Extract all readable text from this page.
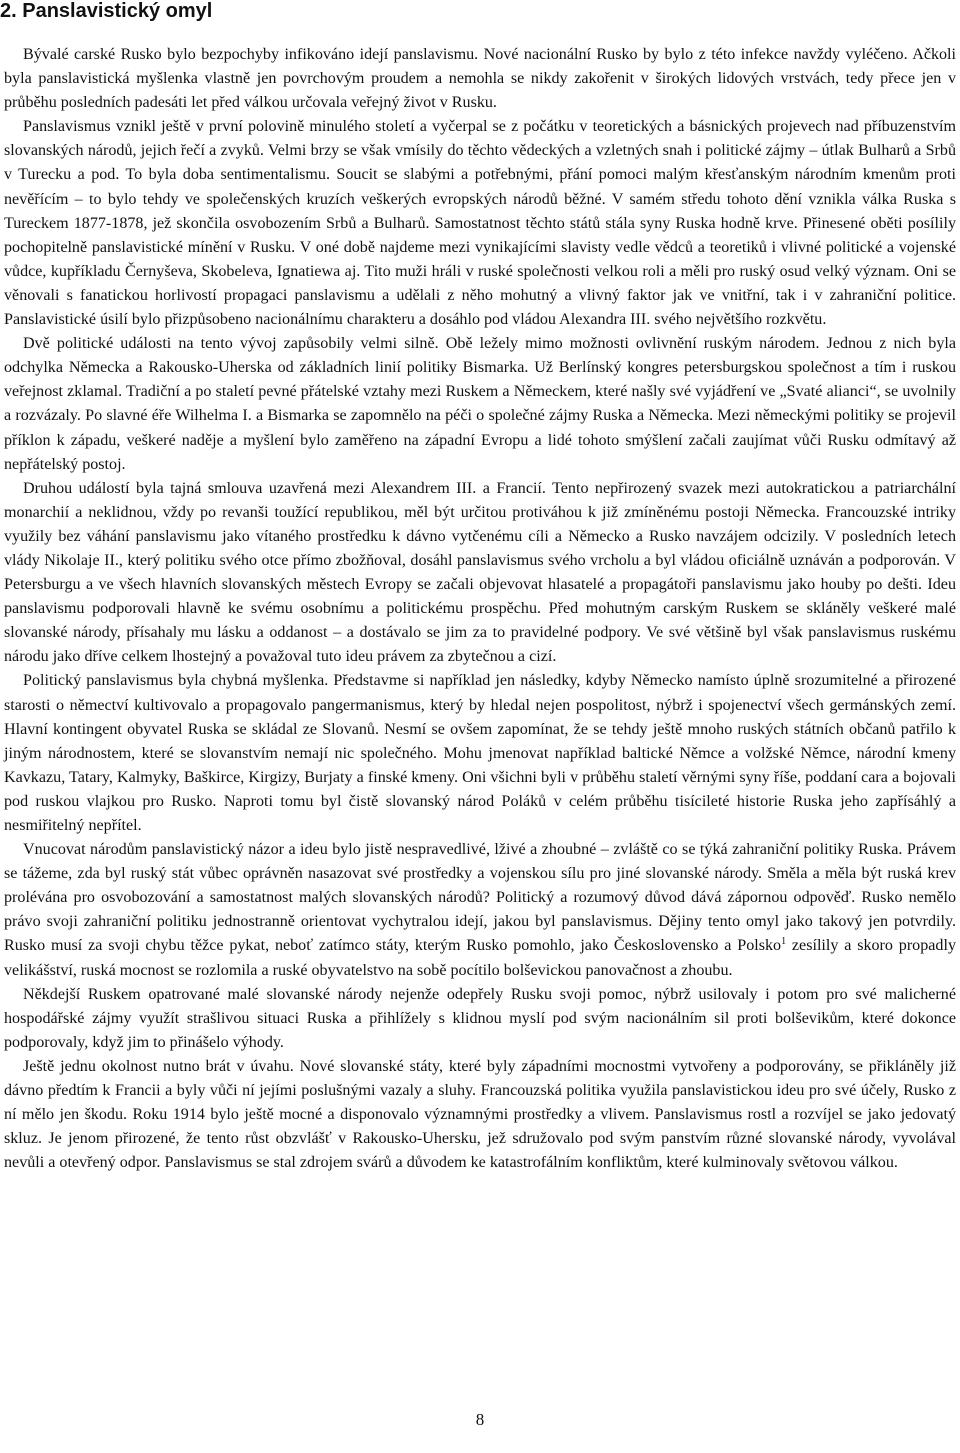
2. Panslavistický omyl

Bývalé carské Rusko bylo bezpochyby infikováno idejí panslavismu. Nové nacionální Rusko by bylo z této infekce navždy vyléčeno. Ačkoli byla panslavistická myšlenka vlastně jen povrchovým proudem a nemohla se nikdy zakořenit v širokých lidových vrstvách, tedy přece jen v průběhu posledních padesáti let před válkou určovala veřejný život v Rusku.

Panslavismus vznikl ještě v první polovině minulého století a vyčerpal se z počátku v teoretických a básnických projevech nad příbuzenstvím slovanských národů, jejich řečí a zvyků. Velmi brzy se však vmísily do těchto vědeckých a vzletných snah i politické zájmy – útlak Bulharů a Srbů v Turecku a pod. To byla doba sentimentalismu. Soucit se slabými a potřebnými, přání pomoci malým křesťanským národním kmenům proti nevěřícím – to bylo tehdy ve společenských kruzích veškerých evropských národů běžné. V samém středu tohoto dění vznikla válka Ruska s Tureckem 1877-1878, jež skončila osvobozením Srbů a Bulharů. Samostatnost těchto států stála syny Ruska hodně krve. Přinesené oběti posílily pochopitelně panslavistické mínění v Rusku. V oné době najdeme mezi vynikajícími slavisty vedle vědců a teoretiků i vlivné politické a vojenské vůdce, kupříkladu Černyševa, Skobeleva, Ignatiewa aj. Tito muži hráli v ruské společnosti velkou roli a měli pro ruský osud velký význam. Oni se věnovali s fanatickou horlivostí propagaci panslavismu a udělali z něho mohutný a vlivný faktor jak ve vnitřní, tak i v zahraniční politice. Panslavistické úsilí bylo přizpůsobeno nacionálnímu charakteru a dosáhlo pod vládou Alexandra III. svého největšího rozkvětu.

Dvě politické události na tento vývoj zapůsobily velmi silně. Obě ležely mimo možnosti ovlivnění ruským národem. Jednou z nich byla odchylka Německa a Rakousko-Uherska od základních linií politiky Bismarka. Už Berlínský kongres petersburgskou společnost a tím i ruskou veřejnost zklamal. Tradiční a po staletí pevné přátelské vztahy mezi Ruskem a Německem, které našly své vyjádření ve „Svaté alianci“, se uvolnily a rozvázaly. Po slavné éře Wilhelma I. a Bismarka se zapomnělo na péči o společné zájmy Ruska a Německa. Mezi německými politiky se projevil příklon k západu, veškeré naděje a myšlení bylo zaměřeno na západní Evropu a lidé tohoto smýšlení začali zaujímat vůči Rusku odmítavý až nepřátelský postoj.

Druhou událostí byla tajná smlouva uzavřená mezi Alexandrem III. a Francií. Tento nepřirozený svazek mezi autokratickou a patriarchální monarchií a neklidnou, vždy po revanši toužící republikou, měl být určitou protiváhou k již zmíněnému postoji Německa. Francouzské intriky využily bez váhání panslavismu jako vítaného prostředku k dávno vytčenému cíli a Německo a Rusko navzájem odcizily. V posledních letech vlády Nikolaje II., který politiku svého otce přímo zbožňoval, dosáhl panslavismus svého vrcholu a byl vládou oficiálně uznáván a podporován. V Petersburgu a ve všech hlavních slovanských městech Evropy se začali objevovat hlasatelé a propagátoři panslavismu jako houby po dešti. Ideu panslavismu podporovali hlavně ke svému osobnímu a politickému prospěchu. Před mohutným carským Ruskem se skláněly veškeré malé slovanské národy, přísahaly mu lásku a oddanost – a dostávalo se jim za to pravidelné podpory. Ve své většině byl však panslavismus ruskému národu jako dříve celkem lhostejný a považoval tuto ideu právem za zbytečnou a cizí.

Politický panslavismus byla chybná myšlenka. Představme si například jen následky, kdyby Německo namísto úplně srozumitelné a přirozené starosti o němectví kultivovalo a propagovalo pangermanismus, který by hledal nejen pospolitost, nýbrž i spojenectví všech germánských zemí. Hlavní kontingent obyvatel Ruska se skládal ze Slovanů. Nesmí se ovšem zapomínat, že se tehdy ještě mnoho ruských státních občanů patřilo k jiným národnostem, které se slovanstvím nemají nic společného. Mohu jmenovat například baltické Němce a volžské Němce, národní kmeny Kavkazu, Tatary, Kalmyky, Baškirce, Kirgizy, Burjaty a finské kmeny. Oni všichni byli v průběhu staletí věrnými syny říše, poddaní cara a bojovali pod ruskou vlajkou pro Rusko. Naproti tomu byl čistě slovanský národ Poláků v celém průběhu tisícileté historie Ruska jeho zapřísáhlý a nesmiřitelný nepřítel.

Vnucovat národům panslavistický názor a ideu bylo jistě nespravedlivé, lživé a zhoubné – zvláště co se týká zahraniční politiky Ruska. Právem se tážeme, zda byl ruský stát vůbec oprávněn nasazovat své prostředky a vojenskou sílu pro jiné slovanské národy. Směla a měla být ruská krev prolévána pro osvobozování a samostatnost malých slovanských národů? Politický a rozumový důvod dává zápornou odpověď. Rusko nemělo právo svoji zahraniční politiku jednostranně orientovat vychytralou idejí, jakou byl panslavismus. Dějiny tento omyl jako takový jen potvrdily. Rusko musí za svoji chybu těžce pykat, neboť zatímco státy, kterým Rusko pomohlo, jako Československo a Polsko$^1$ zesílily a skoro propadly velikášství, ruská mocnost se rozlomila a ruské obyvatelstvo na sobě pocítilo bolševickou panovačnost a zhoubu.

Někdejší Ruskem opatrované malé slovanské národy nejenže odepřely Rusku svoji pomoc, nýbrž usilovaly i potom pro své malicherné hospodářské zájmy využít strašlivou situaci Ruska a přihlížely s klidnou myslí pod svým nacionálním sil proti bolševikům, které dokonce podporovaly, když jim to přinášelo výhody.

Ještě jednu okolnost nutno brát v úvahu. Nové slovanské státy, které byly západními mocnostmi vytvořeny a podporovány, se přikláněly již dávno předtím k Francii a byly vůči ní jejími poslušnými vazaly a sluhy. Francouzská politika využila panslavistickou ideu pro své účely, Rusko z ní mělo jen škodu. Roku 1914 bylo ještě mocné a disponovalo významnými prostředky a vlivem. Panslavismus rostl a rozvíjel se jako jedovatý skluz. Je jenom přirozené, že tento růst obzvlášť v Rakousko-Uhersku, jež sdružovalo pod svým panstvím různé slovanské národy, vyvolával nevůli a otevřený odpor. Panslavismus se stal zdrojem svárů a důvodem ke katastrofálním konfliktům, které kulminovaly světovou válkou.

8
